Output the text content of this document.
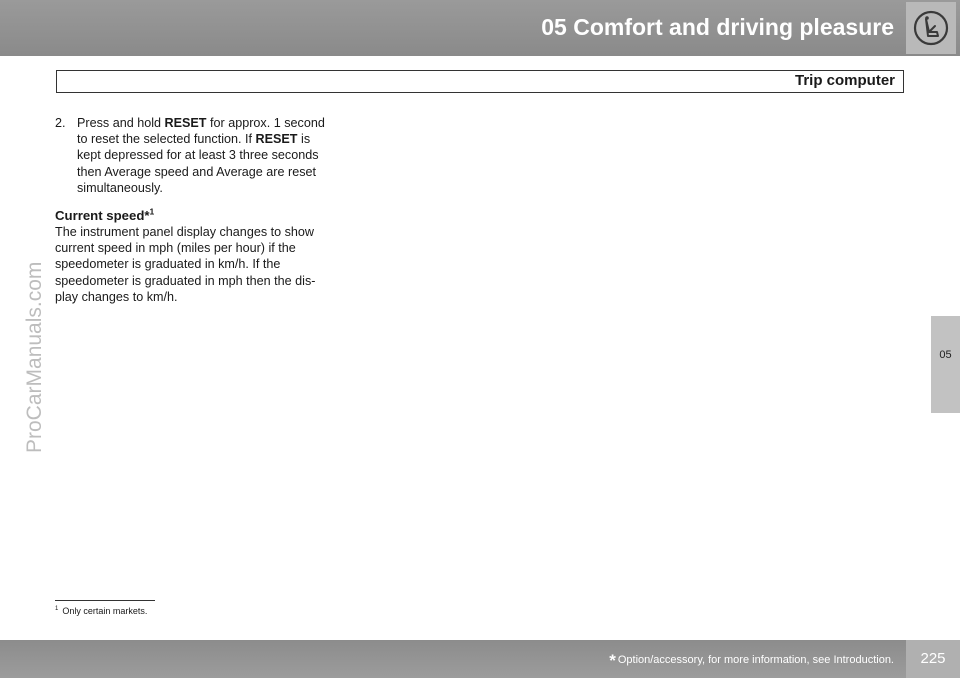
05 Comfort and driving pleasure
Trip computer

2. Press and hold RESET for approx. 1 second to reset the selected function. If RESET is kept depressed for at least 3 three seconds then Average speed and Average are reset simultaneously.

Current speed*$^1$

The instrument panel display changes to show current speed in mph (miles per hour) if the speedometer is graduated in km/h. If the speedometer is graduated in mph then the dis-play changes to km/h.

ProCarManuals.com	05
$^1$ Only certain markets.
* Option/accessory, for more information, see Introduction.	225
